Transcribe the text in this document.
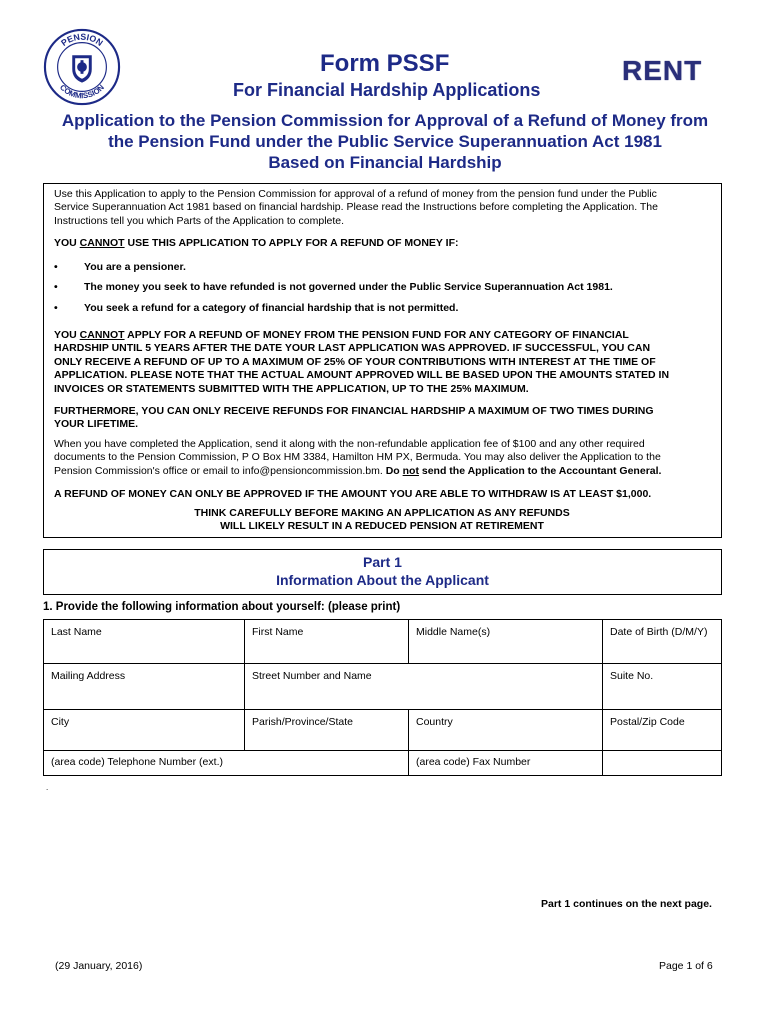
PENSION
COMMISSION
Form PSSF	RENT
For Financial Hardship Applications
Application to the Pension Commission for Approval of a Refund of Money from
the Pension Fund under the Public Service Superannuation Act 1981
Based on Financial Hardship
Use this Application to apply to the Pension Commission for approval of a refund of money from the pension fund under the Public
Service Superannuation Act 1981 based on financial hardship. Please read the Instructions before completing the Application. The
Instructions tell you which Parts of the Application to complete.
YOU CANNOT USE THIS APPLICATION TO APPLY FOR A REFUND OF MONEY IF:
•	You are a pensioner.
•	The money you seek to have refunded is not governed under the Public Service Superannuation Act 1981.
•	You seek a refund for a category of financial hardship that is not permitted.
YOU CANNOT APPLY FOR A REFUND OF MONEY FROM THE PENSION FUND FOR ANY CATEGORY OF FINANCIAL
HARDSHIP UNTIL 5 YEARS AFTER THE DATE YOUR LAST APPLICATION WAS APPROVED. IF SUCCESSFUL, YOU CAN
ONLY RECEIVE A REFUND OF UP TO A MAXIMUM OF 25% OF YOUR CONTRIBUTIONS WITH INTEREST AT THE TIME OF
APPLICATION. PLEASE NOTE THAT THE ACTUAL AMOUNT APPROVED WILL BE BASED UPON THE AMOUNTS STATED IN
INVOICES OR STATEMENTS SUBMITTED WITH THE APPLICATION, UP TO THE 25% MAXIMUM.
FURTHERMORE, YOU CAN ONLY RECEIVE REFUNDS FOR FINANCIAL HARDSHIP A MAXIMUM OF TWO TIMES DURING
YOUR LIFETIME.
When you have completed the Application, send it along with the non-refundable application fee of $100 and any other required
documents to the Pension Commission, P O Box HM 3384, Hamilton HM PX, Bermuda. You may also deliver the Application to the
Pension Commission's office or email to info@pensioncommission.bm. Do not send the Application to the Accountant General.
A REFUND OF MONEY CAN ONLY BE APPROVED IF THE AMOUNT YOU ARE ABLE TO WITHDRAW IS AT LEAST $1,000.
THINK CAREFULLY BEFORE MAKING AN APPLICATION AS ANY REFUNDS
WILL LIKELY RESULT IN A REDUCED PENSION AT RETIREMENT
Part 1
Information About the Applicant
1. Provide the following information about yourself: (please print)
Last Name	First Name	Middle Name(s)	Date of Birth (D/M/Y)
Mailing Address	Street Number and Name	Suite No.
City	Parish/Province/State	Country	Postal/Zip Code
(area code) Telephone Number (ext.)	(area code) Fax Number
.
Part 1 continues on the next page.
(29 January, 2016)	Page 1 of 6
